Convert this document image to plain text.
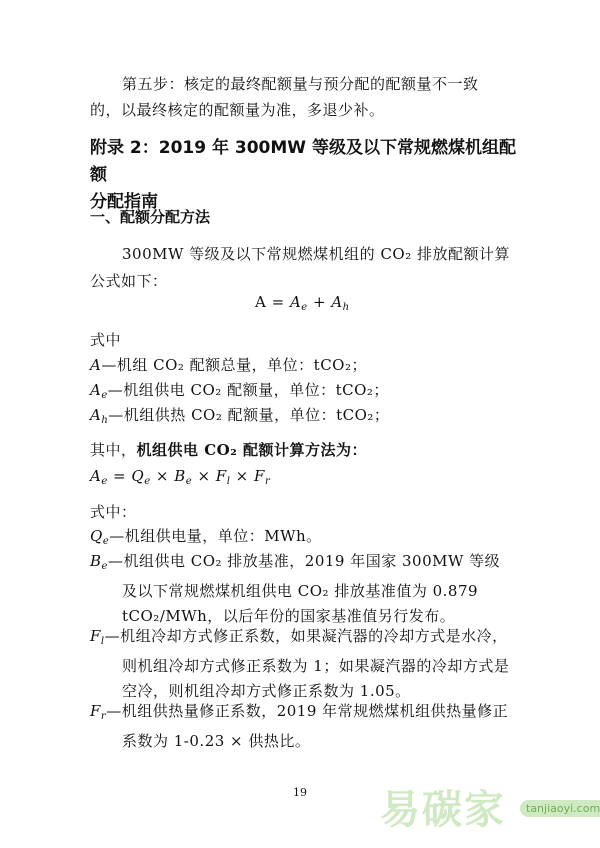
第五步：核定的最终配额量与预分配的配额量不一致
的，以最终核定的配额量为准，多退少补。
附录 2：2019 年 300MW 等级及以下常规燃煤机组配额
分配指南
一、配额分配方法
300MW 等级及以下常规燃煤机组的 CO₂ 排放配额计算
公式如下：
$A = A_e + A_h$
式中
A—机组 CO₂ 配额总量，单位：tCO₂；
$A_e—$机组供电 CO₂ 配额量，单位：tCO₂；
$A_h—$机组供热 CO₂ 配额量，单位：tCO₂；
其中，机组供电 CO₂ 配额计算方法为：
$A_e = Q_e \times B_e \times F_l \times F_r$
式中：
$Q_e—$机组供电量，单位：MWh。
$B_e—$机组供电 CO₂ 排放基准，2019 年国家 300MW 等级及以下常规燃煤机组供电 CO₂ 排放基准值为 0.879 tCO₂/MWh，以后年份的国家基准值另行发布。
$F_l—$机组冷却方式修正系数，如果凝汽器的冷却方式是水冷，则机组冷却方式修正系数为 1；如果凝汽器的冷却方式是空冷，则机组冷却方式修正系数为 1.05。
$F_r—$机组供热量修正系数，2019 年常规燃煤机组供热量修正系数为 1-0.23 × 供热比。
19	易碳家	tanjiaoyi.com
